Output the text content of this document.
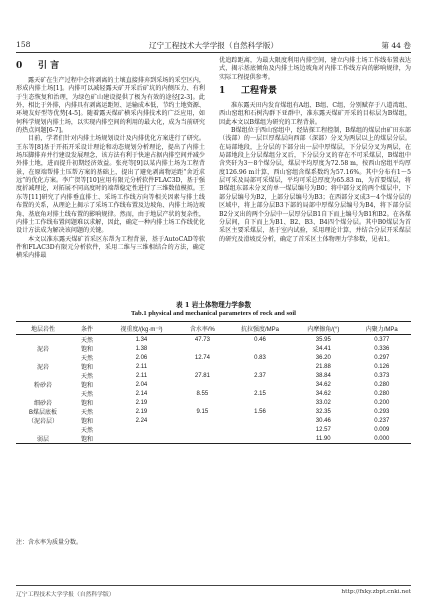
158	辽宁工程技术大学学报（自然科学版）	第 44 卷

0 引 言

露天矿在生产过程中会将剥离的土壤直接排弃到采场的采空区内，形成内排土场[1]。内排可以减轻露天矿开采后矿坑的内侧压力、有利于生态恢复和治理，为绿色矿山建设提供了极为有效的途径[2-3]。此外，相比于外排，内排具有剥离运距短、运输成本低，节约土地资源、环境友好型等优势[4-5]。随着露天煤矿横采内排技术的广泛应用，如何科学规划内排土场，以实现内排空间的利用的最大化，成为当前研究的热点问题[6-7]。

目前，学者们针对内排土场规划设计及内排优化方案进行了研究。王东等[8]基于开拓开采设计理论和动态规划分析理论，提出了内排土场压脚排弃并行建设发展理念，该方法有利于快速占据内排空间并减少外排土地，进而提升初期经济效益。张亮等[9]以某内排土场为工程背景，在原端帮排土压帮方案的基础上，提出了避免剥离物运距“舍近求远”的优化方案。李广贺等[10]应用有限元分析软件FLAC3D，基于强度折减理论，对拓展不同高度时的端帮稳定性进行了三维数值模拟。王东等[11]研究了内排垂直排土、采场工作线方向等相关因素与排土线布置的关系，从理论上揭示了采场工作线布置及边坡角、内排土场边坡角、基底角对排土线布置的影响规律。然而，由于地层产状的复杂性，内排土工作线布置问题难以求解，因此，确定一种内排土场工作线优化设计方法成为解决该问题的关键。

本文以准东露天煤矿首采区东帮为工程背景，基于AutoCAD等软件和FLAC3D有限元分析软件，采用二维与三维相结合的方法，确定横采内排最

优追踪距离，为最大限度利用内排空间，建立内排土场工作线布置表达式，揭示基底倾角及内排土场边坡角对内排工作线方向的影响规律，为实际工程提供参考。

1 工程背景

准东露天田内发育煤组有A组、B组、C组，分别赋存于八道湾组、西山窑组和石树沟群下亚群中，准东露天煤矿开采的目标层为B煤组，因此本文以B煤组为研究的工程背景。

B煤组位于西山窑组中，经钻探工程控制，B煤组的煤层由矿田东部（浅部）的一层巨厚煤层向西部（深部）分叉为两层以上的煤层分层。在局部地段，上分层的下部分出一层中厚煤层，下分层分叉为两层，在局部地段上分层煤组分叉后，下分层分叉的存在不可采煤层，B煤组中含夹矸为3～8个煤分层，煤层平均厚度为72.58 m，按西山窑组平均厚度126.96 m计算，西山窑组含煤系数约为57.16%。其中分布有1～5层可采及局部可采煤层，平均可采总厚度为65.83 m，为首要煤层，将B煤组东部未分叉的单一煤层编号为B0；将中部分叉的两个煤层中，下部分层编号为B2，上部分层编号为B3；在西部分叉成3～4个煤分层的区域中，将上部分层B3下部的局部中厚煤分层编号为B4，将下部分层B2分叉出的两个分层中一层厚分层B1自下而上编号为B1和B2。在各煤分层间，自下而上为B1、B2、B3、B4四个煤分层。其中B0煤层为首采区主要采煤层，基于室内试验，采用理论计算，并结合分层开采煤层的研究及滑坡反分析，确定了首采区土体物理力学参数，见表1。

表 1 岩土体物理力学参数
Tab.1 physical and mechanical parameters of rock and soil
地层岩性	条件	视重度/(kg·m⁻³)	含水率/%	抗拉强度/MPa	内摩擦角/(°)	内聚力/MPa
	天然	1.34	47.73	0.46	35.95	0.377
泥岩	饱和	1.38			34.41	0.336
	天然	2.06	12.74	0.83	36.20	0.297
泥岩	饱和	2.11			21.88	0.126
	天然	2.11	27.81	2.37	38.84	0.373
粉砂岩	饱和	2.04			34.62	0.280
	天然	2.14	8.55	2.15	34.62	0.280
细砂岩	饱和	2.19			33.02	0.200
B煤层底板	天然	2.19	9.15	1.56	32.35	0.293
（泥岩层）	饱和	2.24			30.46	0.237
	天然				12.57	0.009
弱层	饱和				11.90	0.000
注：含水率为质量分数。
辽宁工程技术大学学报（自然科学版）	http://fxky.zbpt.cnki.net
